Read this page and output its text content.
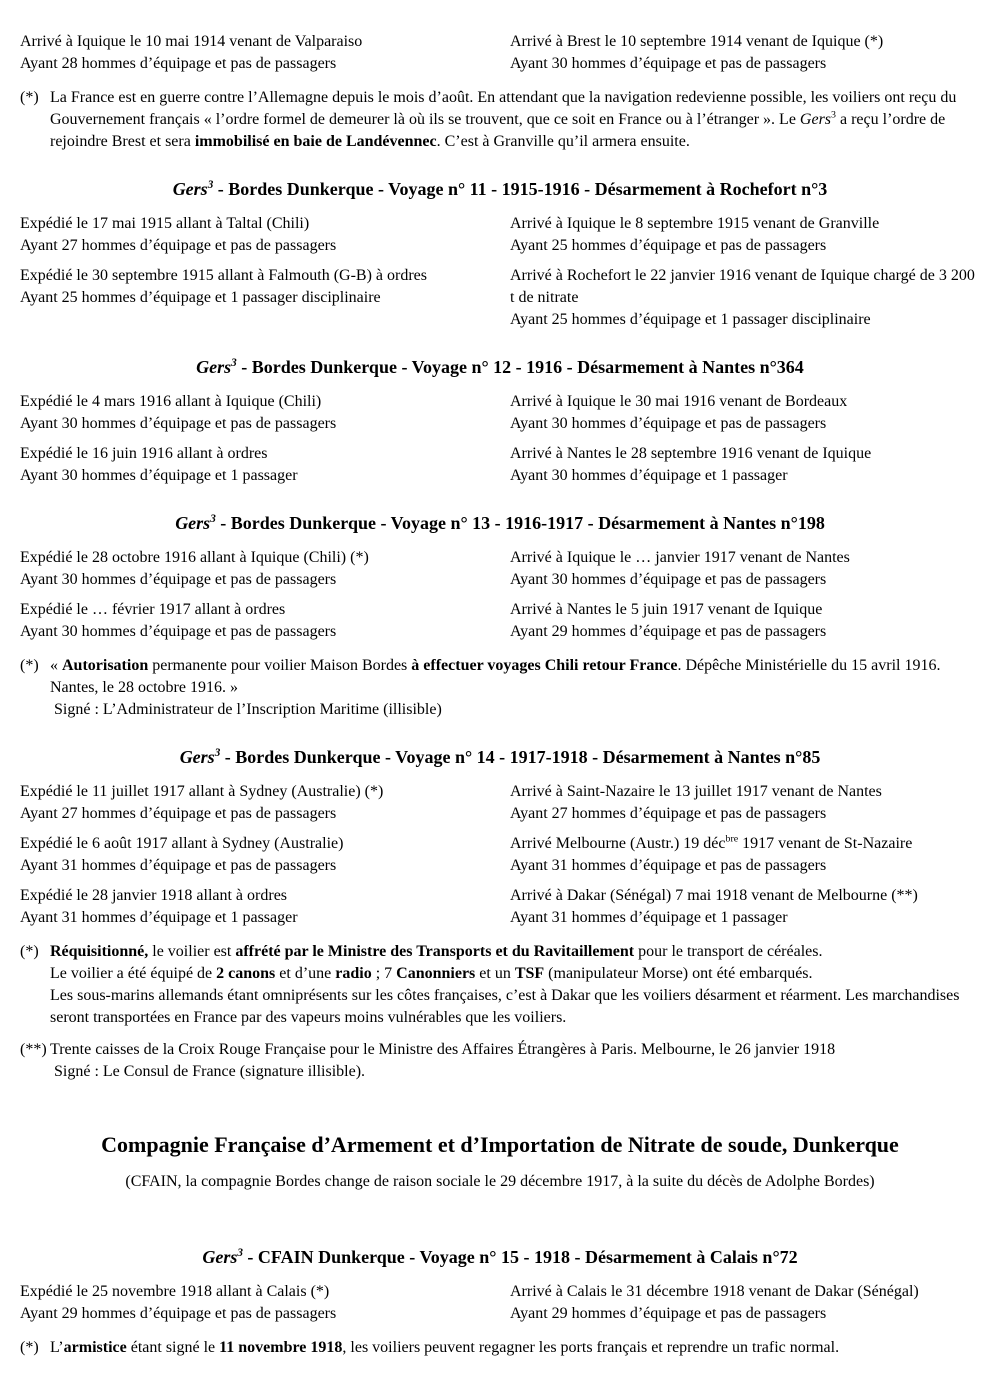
Arrivé à Iquique le 10 mai 1914 venant de Valparaiso
Ayant 28 hommes d’équipage et pas de passagers
Arrivé à Brest le 10 septembre 1914 venant de Iquique (*)
Ayant 30 hommes d’équipage et pas de passagers
(*) La France est en guerre contre l’Allemagne depuis le mois d’août. En attendant que la navigation redevienne possible, les voiliers ont reçu du Gouvernement français « l’ordre formel de demeurer là où ils se trouvent, que ce soit en France ou à l’étranger ». Le Gers$^3$ a reçu l’ordre de rejoindre Brest et sera immobilisé en baie de Landévennec. C’est à Granville qu’il armera ensuite.
Gers$^3$ - Bordes Dunkerque - Voyage n° 11 - 1915-1916 - Désarmement à Rochefort n°3
Expédié le 17 mai 1915 allant à Taltal (Chili)
Ayant 27 hommes d’équipage et pas de passagers
Arrivé à Iquique le 8 septembre 1915 venant de Granville
Ayant 25 hommes d’équipage et pas de passagers
Expédié le 30 septembre 1915 allant à Falmouth (G-B) à ordres
Ayant 25 hommes d’équipage et 1 passager disciplinaire
Arrivé à Rochefort le 22 janvier 1916 venant de Iquique chargé de 3 200 t de nitrate
Ayant 25 hommes d’équipage et 1 passager disciplinaire
Gers$^3$ - Bordes Dunkerque - Voyage n° 12 - 1916 - Désarmement à Nantes n°364
Expédié le 4 mars 1916 allant à Iquique (Chili)
Ayant 30 hommes d’équipage et pas de passagers
Arrivé à Iquique le 30 mai 1916 venant de Bordeaux
Ayant 30 hommes d’équipage et pas de passagers
Expédié le 16 juin 1916 allant à ordres
Ayant 30 hommes d’équipage et 1 passager
Arrivé à Nantes le 28 septembre 1916 venant de Iquique
Ayant 30 hommes d’équipage et 1 passager
Gers$^3$ - Bordes Dunkerque - Voyage n° 13 - 1916-1917 - Désarmement à Nantes n°198
Expédié le 28 octobre 1916 allant à Iquique (Chili) (*)
Ayant 30 hommes d’équipage et pas de passagers
Arrivé à Iquique le … janvier 1917 venant de Nantes
Ayant 30 hommes d’équipage et pas de passagers
Expédié le … février 1917 allant à ordres
Ayant 30 hommes d’équipage et pas de passagers
Arrivé à Nantes le 5 juin 1917 venant de Iquique
Ayant 29 hommes d’équipage et pas de passagers
(*) « Autorisation permanente pour voilier Maison Bordes à effectuer voyages Chili retour France. Dépêche Ministérielle du 15 avril 1916. Nantes, le 28 octobre 1916. »
Signé : L’Administrateur de l’Inscription Maritime (illisible)
Gers$^3$ - Bordes Dunkerque - Voyage n° 14 - 1917-1918 - Désarmement à Nantes n°85
Expédié le 11 juillet 1917 allant à Sydney (Australie) (*)
Ayant 27 hommes d’équipage et pas de passagers
Arrivé à Saint-Nazaire le 13 juillet 1917 venant de Nantes
Ayant 27 hommes d’équipage et pas de passagers
Expédié le 6 août 1917 allant à Sydney (Australie)
Ayant 31 hommes d’équipage et pas de passagers
Arrivé Melbourne (Austr.) 19 déc$^{bre}$ 1917 venant de St-Nazaire
Ayant 31 hommes d’équipage et pas de passagers
Expédié le 28 janvier 1918 allant à ordres
Ayant 31 hommes d’équipage et 1 passager
Arrivé à Dakar (Sénégal) 7 mai 1918 venant de Melbourne (**)
Ayant 31 hommes d’équipage et 1 passager
(*) Réquisitionné, le voilier est affrété par le Ministre des Transports et du Ravitaillement pour le transport de céréales.
Le voilier a été équipé de 2 canons et d’une radio ; 7 Canonniers et un TSF (manipulateur Morse) ont été embarqués.
Les sous-marins allemands étant omniprésents sur les côtes françaises, c’est à Dakar que les voiliers désarment et réarment. Les marchandises seront transportées en France par des vapeurs moins vulnérables que les voiliers.
(**) Trente caisses de la Croix Rouge Française pour le Ministre des Affaires Étrangères à Paris. Melbourne, le 26 janvier 1918
Signé : Le Consul de France (signature illisible).
Compagnie Française d’Armement et d’Importation de Nitrate de soude, Dunkerque
(CFAIN, la compagnie Bordes change de raison sociale le 29 décembre 1917, à la suite du décès de Adolphe Bordes)
Gers$^3$ - CFAIN Dunkerque - Voyage n° 15 - 1918 - Désarmement à Calais n°72
Expédié le 25 novembre 1918 allant à Calais (*)
Ayant 29 hommes d’équipage et pas de passagers
Arrivé à Calais le 31 décembre 1918 venant de Dakar (Sénégal)
Ayant 29 hommes d’équipage et pas de passagers
(*) L’armistice étant signé le 11 novembre 1918, les voiliers peuvent regagner les ports français et reprendre un trafic normal.
